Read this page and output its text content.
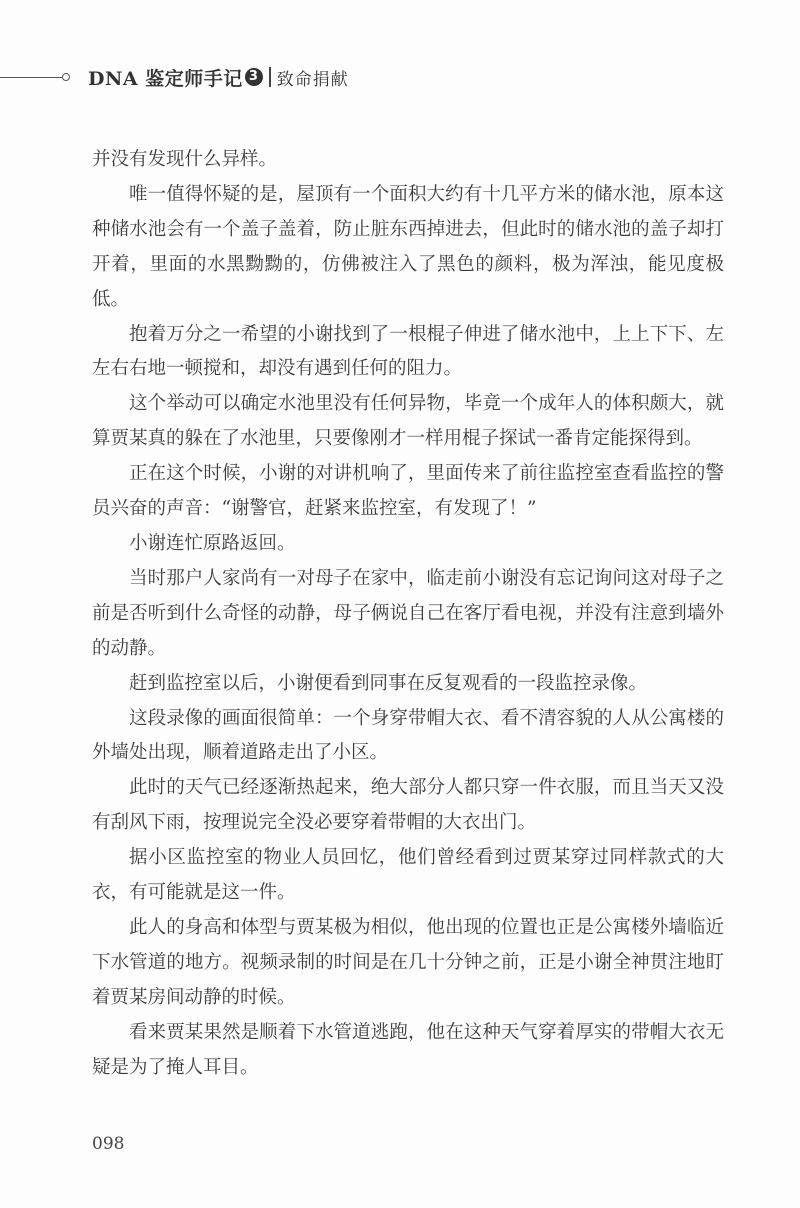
DNA 鉴定师手记 3 致命捐献

并没有发现什么异样。

唯一值得怀疑的是，屋顶有一个面积大约有十几平方米的储水池，原本这种储水池会有一个盖子盖着，防止脏东西掉进去，但此时的储水池的盖子却打开着，里面的水黑黝黝的，仿佛被注入了黑色的颜料，极为浑浊，能见度极低。

抱着万分之一希望的小谢找到了一根棍子伸进了储水池中，上上下下、左左右右地一顿搅和，却没有遇到任何的阻力。

这个举动可以确定水池里没有任何异物，毕竟一个成年人的体积颇大，就算贾某真的躲在了水池里，只要像刚才一样用棍子探试一番肯定能探得到。

正在这个时候，小谢的对讲机响了，里面传来了前往监控室查看监控的警员兴奋的声音：“谢警官，赶紧来监控室，有发现了！”

小谢连忙原路返回。

当时那户人家尚有一对母子在家中，临走前小谢没有忘记询问这对母子之前是否听到什么奇怪的动静，母子俩说自己在客厅看电视，并没有注意到墙外的动静。

赶到监控室以后，小谢便看到同事在反复观看的一段监控录像。

这段录像的画面很简单：一个身穿带帽大衣、看不清容貌的人从公寓楼的外墙处出现，顺着道路走出了小区。

此时的天气已经逐渐热起来，绝大部分人都只穿一件衣服，而且当天又没有刮风下雨，按理说完全没必要穿着带帽的大衣出门。

据小区监控室的物业人员回忆，他们曾经看到过贾某穿过同样款式的大衣，有可能就是这一件。

此人的身高和体型与贾某极为相似，他出现的位置也正是公寓楼外墙临近下水管道的地方。视频录制的时间是在几十分钟之前，正是小谢全神贯注地盯着贾某房间动静的时候。

看来贾某果然是顺着下水管道逃跑，他在这种天气穿着厚实的带帽大衣无疑是为了掩人耳目。

098
